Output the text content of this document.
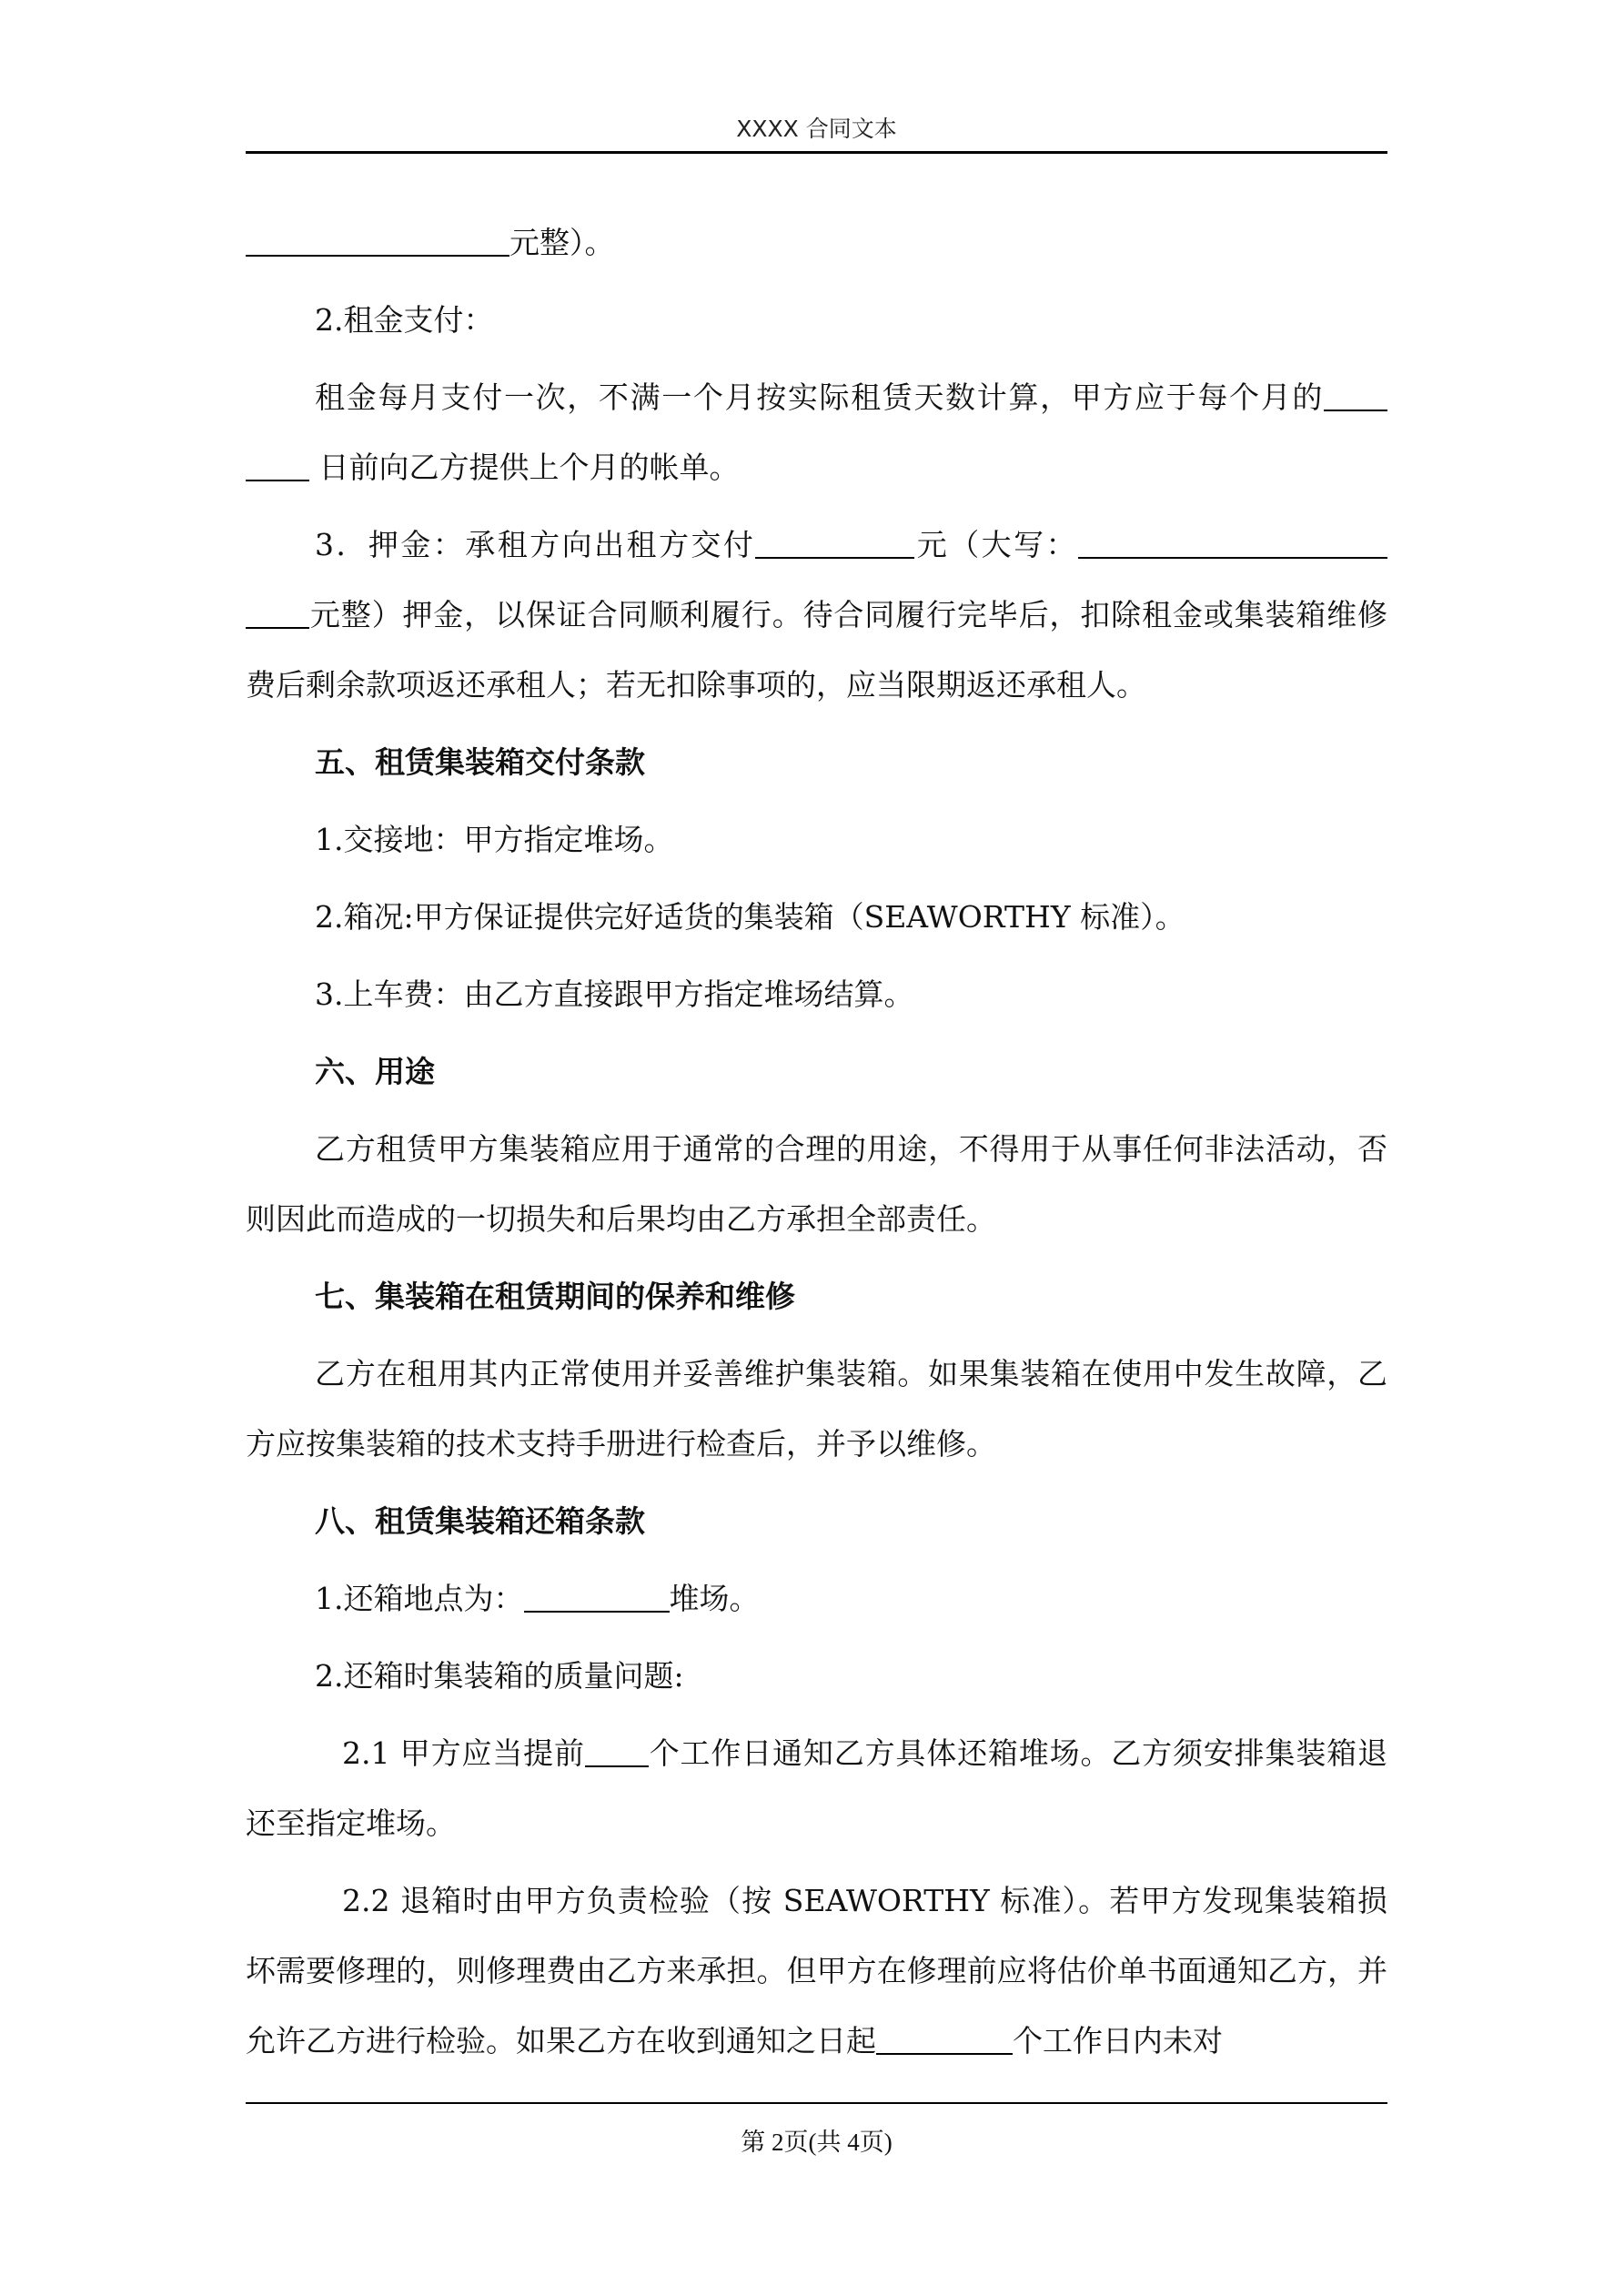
XXXX 合同文本

元整）。

2.租金支付：

租金每月支付一次，不满一个月按实际租赁天数计算，甲方应于每个月的  日前向乙方提供上个月的帐单。

3．押金：承租方向出租方交付	元（大写：元整）押金，以保证合同顺利履行。待合同履行完毕后，扣除租金或集装箱维修费后剩余款项返还承租人；若无扣除事项的，应当限期返还承租人。

五、租赁集装箱交付条款

1.交接地：甲方指定堆场。

2.箱况:甲方保证提供完好适货的集装箱（SEAWORTHY 标准）。

3.上车费：由乙方直接跟甲方指定堆场结算。

六、用途

乙方租赁甲方集装箱应用于通常的合理的用途，不得用于从事任何非法活动，否则因此而造成的一切损失和后果均由乙方承担全部责任。

七、集装箱在租赁期间的保养和维修

乙方在租用其内正常使用并妥善维护集装箱。如果集装箱在使用中发生故障，乙方应按集装箱的技术支持手册进行检查后，并予以维修。

八、租赁集装箱还箱条款

1.还箱地点为：	堆场。

2.还箱时集装箱的质量问题:

2.1 甲方应当提前 个工作日通知乙方具体还箱堆场。乙方须安排集装箱退还至指定堆场。

2.2 退箱时由甲方负责检验（按 SEAWORTHY 标准）。若甲方发现集装箱损坏需要修理的，则修理费由乙方来承担。但甲方在修理前应将估价单书面通知乙方，并允许乙方进行检验。如果乙方在收到通知之日起	个工作日内未对

第 2页(共 4页)
